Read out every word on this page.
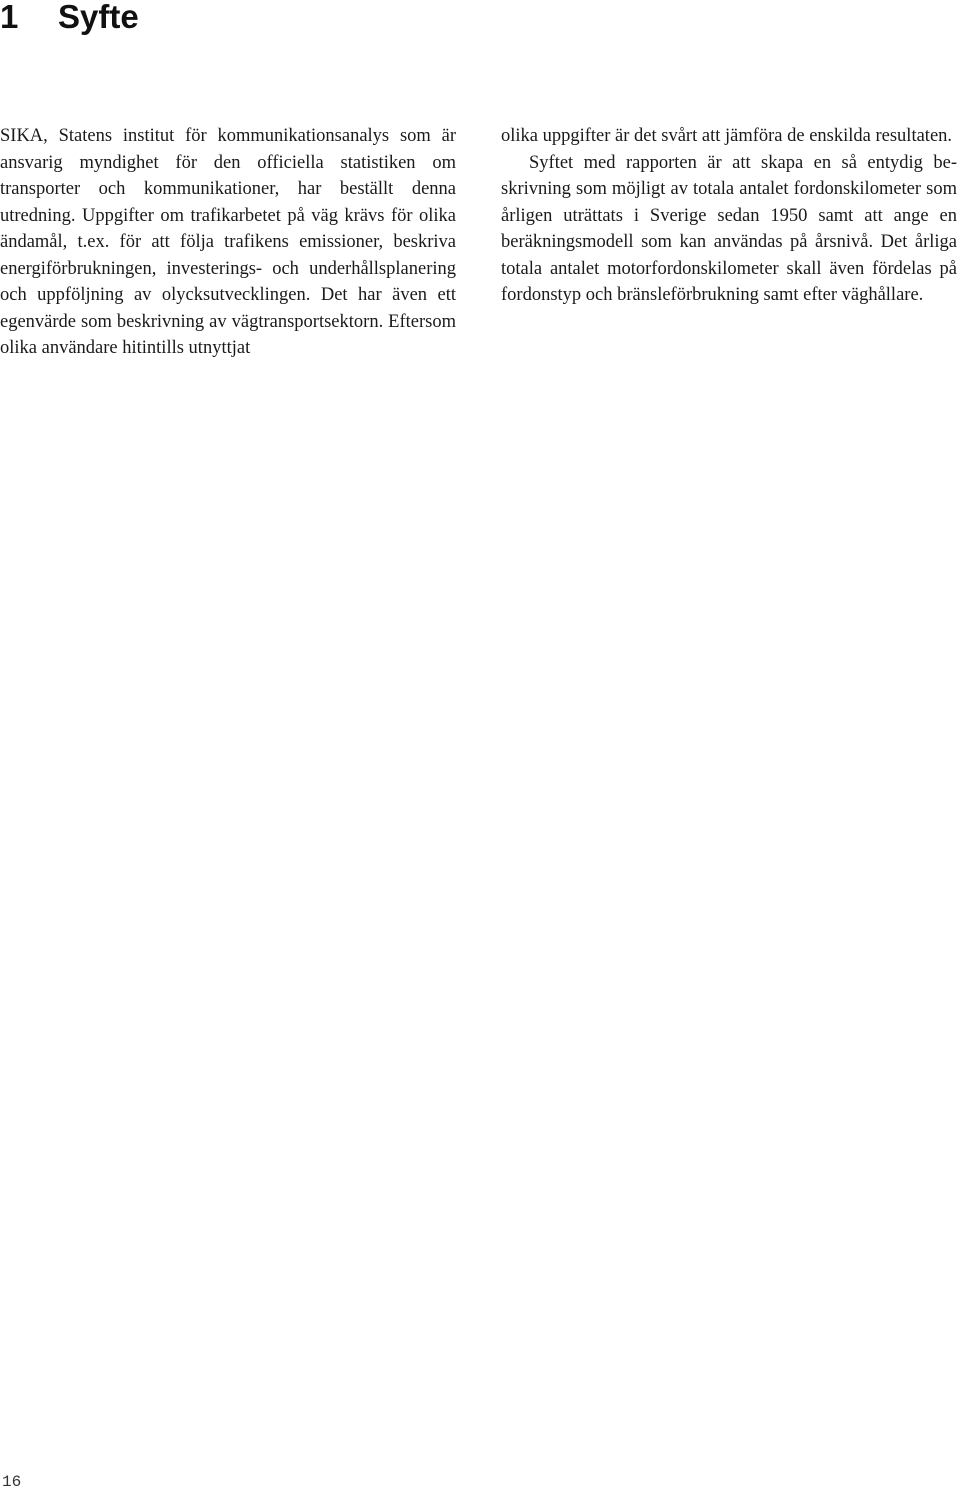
1 Syfte

SIKA, Statens institut för kommunikationsanalys som är ansvarig myndighet för den officiella statistiken om transporter och kommunikationer, har beställt denna utredning. Uppgifter om trafikarbetet på väg krävs för olika ändamål, t.ex. för att följa trafikens emissioner, beskriva energiförbrukningen, investerings- och underhållsplanering och uppföljning av olycksutvecklingen. Det har även ett egenvärde som beskrivning av vägtransportsektorn. Eftersom olika användare hitintills utnyttjat

olika uppgifter är det svårt att jämföra de enskilda resultaten.

Syftet med rapporten är att skapa en så entydig beskrivning som möjligt av totala antalet fordonskilometer som årligen uträttats i Sverige sedan 1950 samt att ange en beräkningsmodell som kan användas på årsnivå. Det årliga totala antalet motorfordonskilometer skall även fördelas på fordonstyp och bränsleförbrukning samt efter väghållare.

16
